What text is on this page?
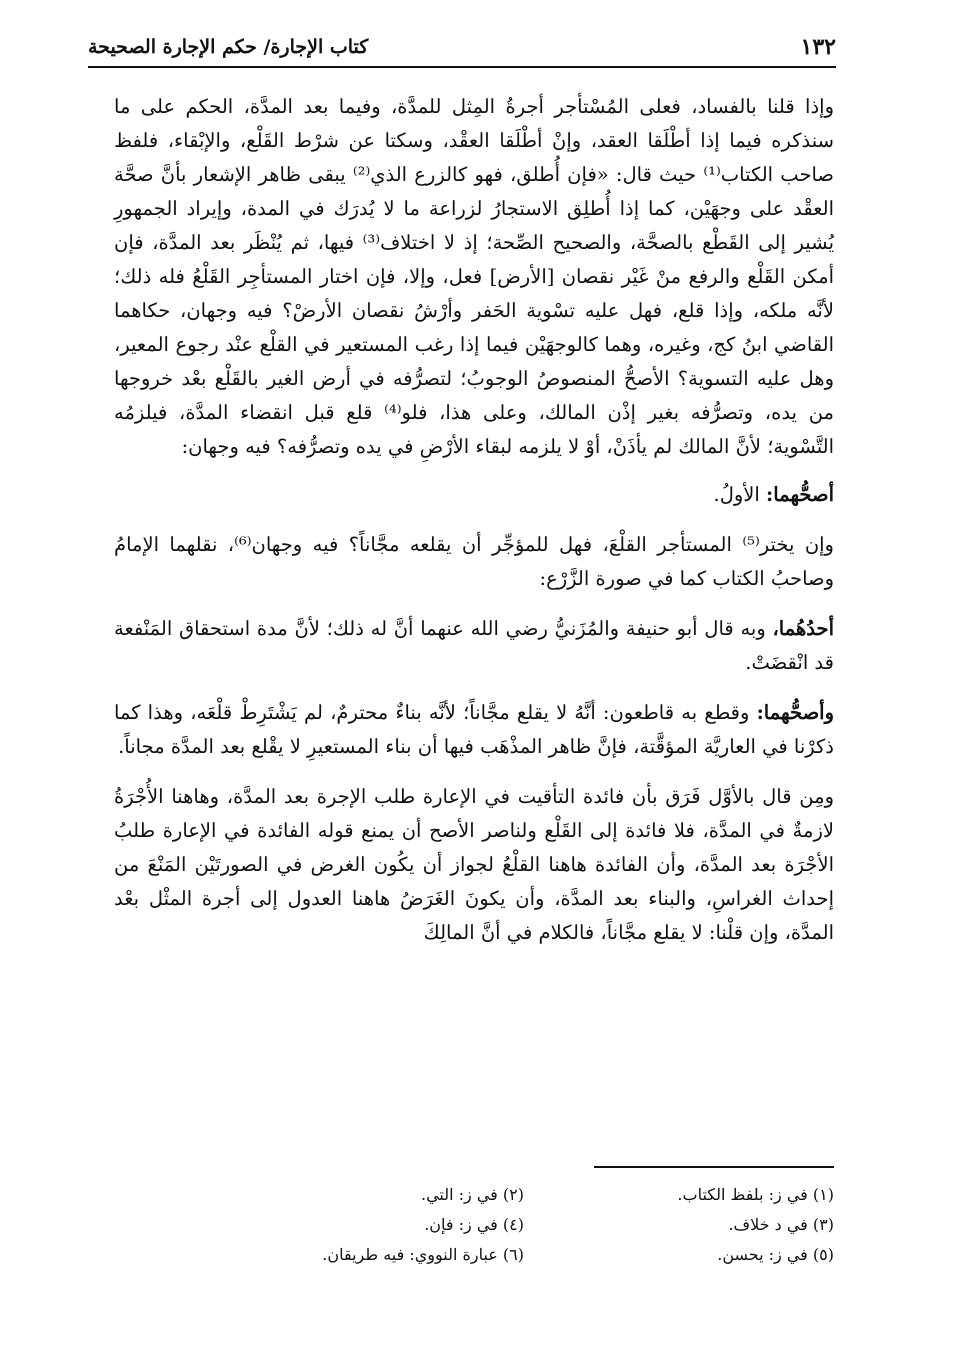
١٣٢
كتاب الإجارة/ حكم الإجارة الصحيحة

وإذا قلنا بالفساد، فعلى المُسْتأجر أجرةُ المِثل للمدَّة، وفيما بعد المدَّة، الحكم على ما سنذكره فيما إذا أطْلَقا العقد، وإنْ أطْلَقا العقْد، وسكتا عن شرْط القَلْع، والإبْقاء، فلفظ صاحب الكتاب⁽¹⁾ حيث قال: «فإن أُطلق، فهو كالزرع الذي⁽²⁾ يبقى ظاهر الإشعار بأنَّ صحَّة العقْد على وجهَيْن، كما إذا أُطلِق الاستجارُ لزراعة ما لا يُدرَك في المدة، وإيراد الجمهورِ يُشير إلى القَطْع بالصحَّة، والصحيح الصِّحة؛ إذ لا اختلاف⁽³⁾ فيها، ثم يُنْظَر بعد المدَّة، فإن أمكن القَلْع والرفع منْ غَيْر نقصان [الأرض] فعل، وإلا، فإن اختار المستأجِر القَلْعُ فله ذلك؛ لأنَّه ملكه، وإذا قلع، فهل عليه تسْوية الحَفر وأرْشُ نقصان الأرضْ؟ فيه وجهان، حكاهما القاضي ابنُ كج، وغيره، وهما كالوجهَيْن فيما إذا رغب المستعير في القلْع عنْد رجوع المعير، وهل عليه التسوية؟ الأصحُّ المنصوصُ الوجوبُ؛ لتصرُّفه في أرض الغير بالقَلْع بعْد خروجها من يده، وتصرُّفه بغير إذْن المالك، وعلى هذا، فلو⁽⁴⁾ قلع قبل انقضاء المدَّة، فيلزمُه التَّسْوية؛ لأنَّ المالك لم يأذَنْ، أوْ لا يلزمه لبقاء الأرْضِ في يده وتصرُّفه؟ فيه وجهان:

أصحُّهما: الأولُ.

وإن يختر⁽⁵⁾ المستأجر القلْعَ، فهل للمؤجِّر أن يقلعه مجَّاناً؟ فيه وجهان⁽⁶⁾، نقلهما الإمامُ وصاحبُ الكتاب كما في صورة الزَّرْع:

أحدُهُما، وبه قال أبو حنيفة والمُزَنيُّ رضي الله عنهما أنَّ له ذلك؛ لأنَّ مدة استحقاق المَنْفعة قد انْقضَتْ.

وأصحُّهما: وقطع به قاطعون: أنَّهُ لا يقلع مجَّاناً؛ لأنَّه بناءٌ محترمٌ، لم يَشْتَرِطْ قلْعَه، وهذا كما ذكرْنا في العاريَّة المؤقَّتة، فإنَّ ظاهر المذْهَب فيها أن بناء المستعيرِ لا يقْلع بعد المدَّة مجاناً.

ومِن قال بالأوَّل فَرَق بأن فائدة التأقيت في الإعارة طلب الإجرة بعد المدَّة، وهاهنا الأُجْرَةُ لازمةٌ في المدَّة، فلا فائدة إلى القَلْع ولناصر الأصح أن يمنع قوله الفائدة في الإعارة طلبُ الأجْرَة بعد المدَّة، وأن الفائدة هاهنا القلْعُ لجواز أن يكُون الغرض في الصورتَيْن المَنْعَ من إحداث الغراسِ، والبناء بعد المدَّة، وأن يكونَ الغَرَضُ هاهنا العدول إلى أجرة المثْل بعْد المدَّة، وإن قلْنا: لا يقلع مجَّاناً، فالكلام في أنَّ المالِكَ

(١) في ز: بلفظ الكتاب.
(٢) في ز: التي.
(٣) في د خلاف.
(٤) في ز: فإن.
(٥) في ز: يحسن.
(٦) عبارة النووي: فيه طريقان.
